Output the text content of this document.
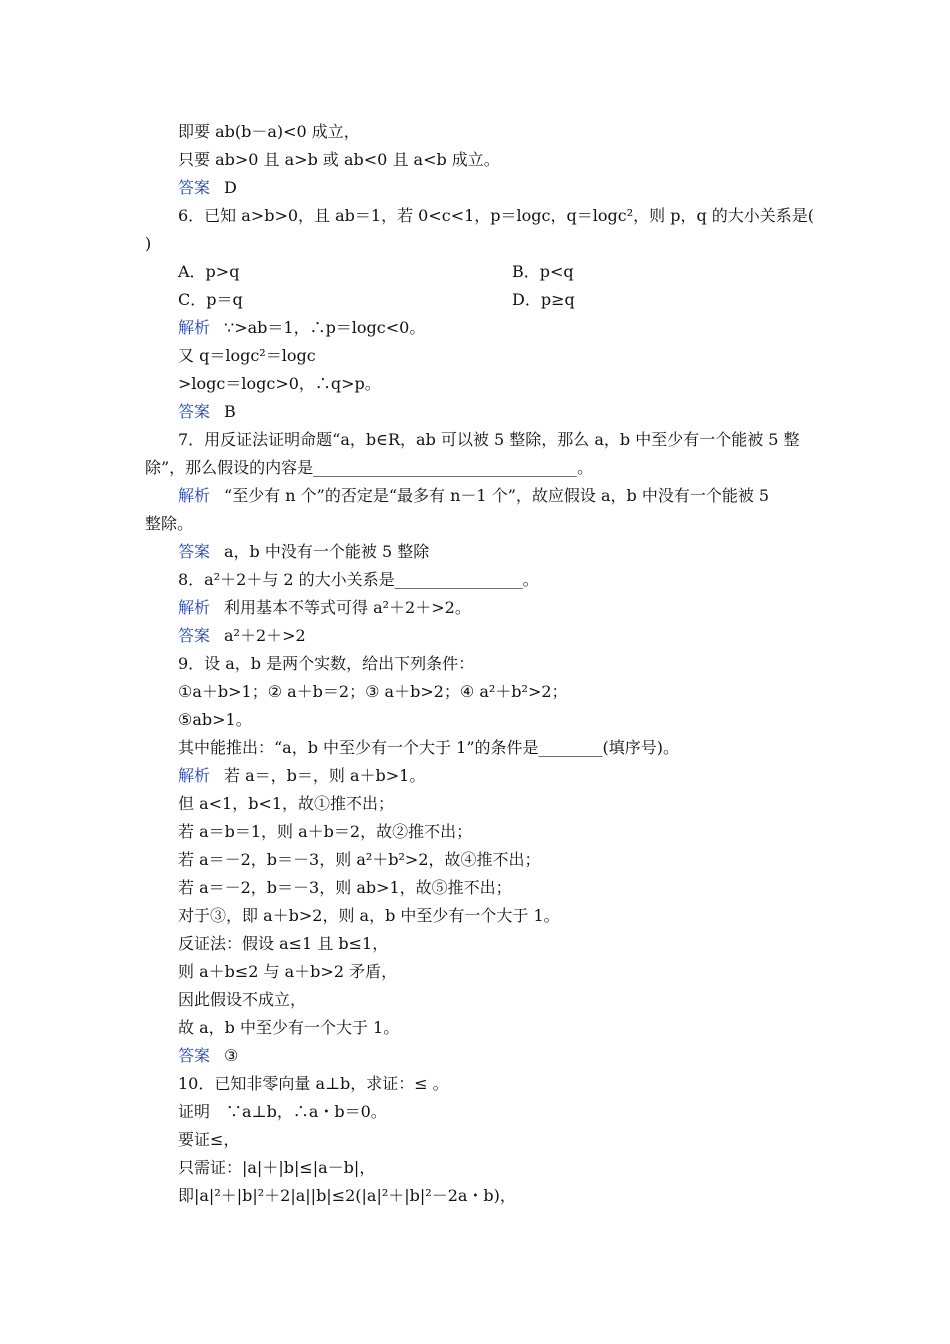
即要 ab(b－a)<0 成立，
只要 ab>0 且 a>b 或 ab<0 且 a<b 成立。
答案 D
6．已知 a>b>0，且 ab＝1，若 0<c<1，p＝logc，q＝logc²，则 p，q 的大小关系是(
)
A．p>q	B．p<q
C．p＝q	D．p≥q
解析 ∵>ab＝1，∴p＝logc<0。
又 q＝logc²＝logc
>logc＝logc>0，∴q>p。
答案 B
7．用反证法证明命题“a，b∈R，ab 可以被 5 整除，那么 a，b 中至少有一个能被 5 整
除”，那么假设的内容是_________________________________。
解析 “至少有 n 个”的否定是“最多有 n－1 个”，故应假设 a，b 中没有一个能被 5
整除。
答案 a，b 中没有一个能被 5 整除
8．a²＋2＋与 2 的大小关系是________________。
解析 利用基本不等式可得 a²＋2＋>2。
答案 a²＋2＋>2
9．设 a，b 是两个实数，给出下列条件：
①a＋b>1；② a＋b＝2；③ a＋b>2；④ a²＋b²>2；
⑤ab>1。
其中能推出：“a，b 中至少有一个大于 1”的条件是________(填序号)。
解析 若 a＝，b＝，则 a＋b>1。
但 a<1，b<1，故①推不出；
若 a＝b＝1，则 a＋b＝2，故②推不出；
若 a＝－2，b＝－3，则 a²＋b²>2，故④推不出；
若 a＝－2，b＝－3，则 ab>1，故⑤推不出；
对于③，即 a＋b>2，则 a，b 中至少有一个大于 1。
反证法：假设 a≤1 且 b≤1，
则 a＋b≤2 与 a＋b>2 矛盾，
因此假设不成立，
故 a，b 中至少有一个大于 1。
答案 ③
10．已知非零向量 a⊥b，求证：≤ 。
证明　∵a⊥b，∴a・b＝0。
要证≤，
只需证：|a|＋|b|≤|a－b|，
即|a|²＋|b|²＋2|a||b|≤2(|a|²＋|b|²－2a・b)，
